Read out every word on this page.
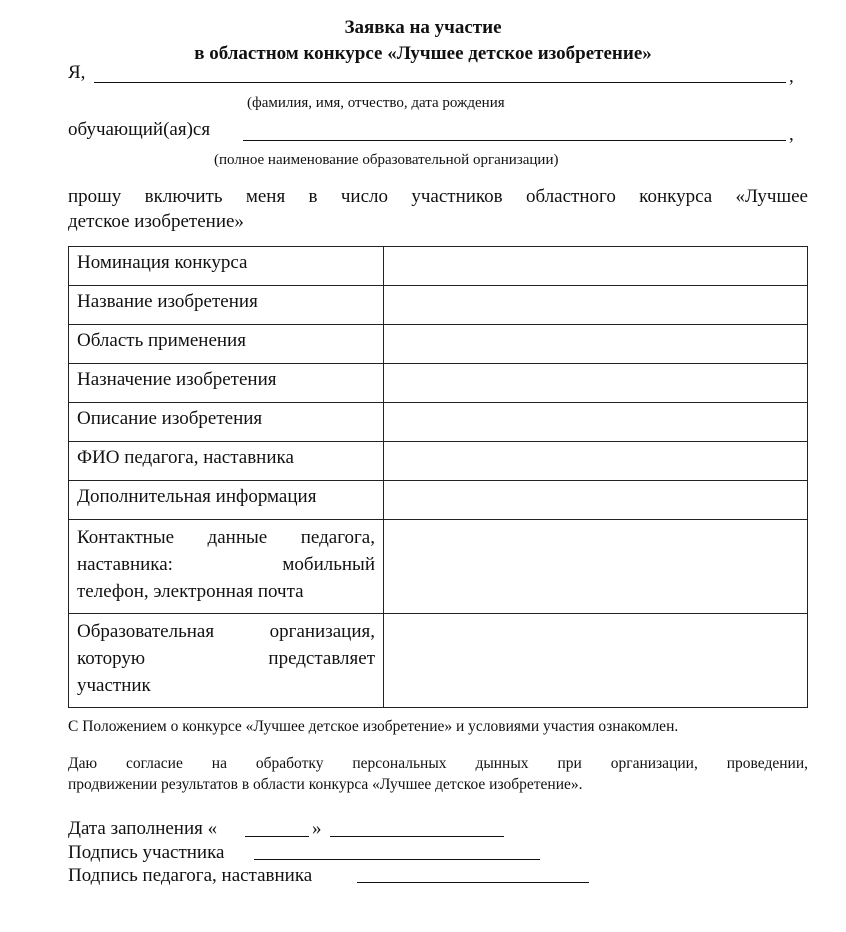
Заявка на участие
в областном конкурсе «Лучшее детское изобретение»
Я,	,
(фамилия, имя, отчество, дата рождения
обучающий(ая)ся	,
(полное наименование образовательной организации)
прошу включить меня в число участников областного конкурса «Лучшее
детское изобретение»
Номинация конкурса	
Название изобретения	
Область применения	
Назначение изобретения	
Описание изобретения	
ФИО педагога, наставника	
Дополнительная информация	

Контактные данные педагога,
наставника: мобильный
телефон, электронная почта	

Образовательная организация,
которую представляет
участник	

С Положением о конкурсе «Лучшее детское изобретение» и условиями участия ознакомлен.
Даю согласие на обработку персональных дынных при организации, проведении,
продвижении результатов в области конкурса «Лучшее детское изобретение».
Дата заполнения «	»
Подпись участника
Подпись педагога, наставника
